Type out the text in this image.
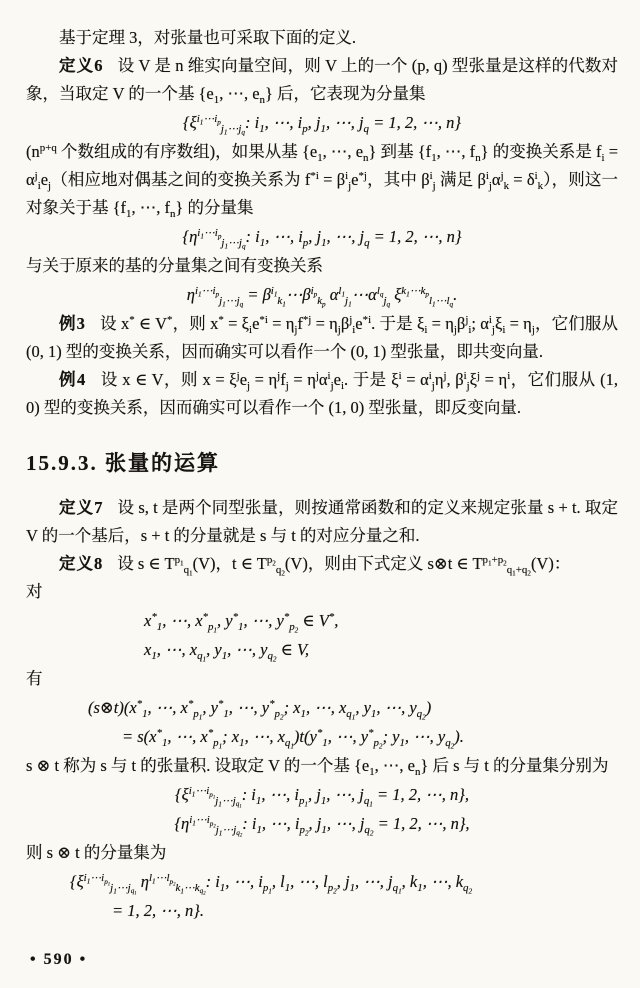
基于定理 3，对张量也可采取下面的定义.

定义6 设 V 是 n 维实向量空间，则 V 上的一个 (p, q) 型张量是这样的代数对象，当取定 V 的一个基 {$e_1$, ⋯, $e_n$} 后，它表现为分量集

{$\xi^{i_1\cdots i_p}_{j_1\cdots j_q}$: $i_1$, ⋯, $i_p$, $j_1$, ⋯, $j_q = 1$, 2, ⋯, n}

($n^{p+q}$ 个数组成的有序数组)，如果从基 {$e_1$, ⋯, $e_n$} 到基 {$f_1$, ⋯, $f_n$} 的变换关系是 $f_i = \alpha^j_ie_j$（相应地对偶基之间的变换关系为 $f^{*i} = \beta^i_je^{*j}$，其中 $\beta^i_j$ 满足 $\beta^i_j\alpha^j_k = \delta^i_k$），则这一对象关于基 {$f_1$, ⋯, $f_n$} 的分量集

{$\eta^{i_1\cdots i_p}_{j_1\cdots j_q}$: $i_1$, ⋯, $i_p$, $j_1$, ⋯, $j_q = 1$, 2, ⋯, n}

与关于原来的基的分量集之间有变换关系

$\eta^{i_1\cdots i_p}_{j_1\cdots j_q}$ = $\beta^{i_1}_{k_1}\cdots\beta^{i_p}_{k_p}$ $\alpha^{l_1}_{j_1}\cdots\alpha^{l_q}_{j_q}$ $\xi^{k_1\cdots k_p}_{l_1\cdots l_q}$.

例3 设 x* ∈ V*，则 $x^* = \xi_ie^{*i} = \eta_jf^{*j} = \eta_j\beta^j_ie^{*i}$. 于是 $\xi_i = \eta_j\beta^j_i$; $\alpha^i_j\xi_i = \eta_j$，它们服从 (0, 1) 型的变换关系，因而确实可以看作一个 (0, 1) 型张量，即共变向量.

例4 设 x ∈ V，则 $x = \xi^je_j = \eta^jf_j = \eta^j\alpha^i_je_i$. 于是 $\xi^i = \alpha^i_j\eta^j$, $\beta^i_j\xi^j = \eta^i$，它们服从 (1, 0) 型的变换关系，因而确实可以看作一个 (1, 0) 型张量，即反变向量.

15.9.3. 张量的运算

定义7 设 s, t 是两个同型张量，则按通常函数和的定义来规定张量 s + t. 取定 V 的一个基后，s + t 的分量就是 s 与 t 的对应分量之和.

定义8 设 s ∈ $T^{p_1}_{q_1}(V)$，t ∈ $T^{p_2}_{q_2}(V)$，则由下式定义 s⊗t ∈ $T^{p_1+p_2}_{q_1+q_2}(V)$：

对

$x^*_1$, ⋯, $x^*_{p_1}$, $y^*_1$, ⋯, $y^*_{p_2}$ ∈ V*,

$x_1$, ⋯, $x_{q_1}$, $y_1$, ⋯, $y_{q_2}$ ∈ V,

有

$(s\otimes t)(x^*_1$, ⋯, $x^*_{p_1}$, $y^*_1$, ⋯, $y^*_{p_2}$; $x_1$, ⋯, $x_{q_1}$, $y_1$, ⋯, $y_{q_2}$)

= $s(x^*_1$, ⋯, $x^*_{p_1}$; $x_1$, ⋯, $x_{q_1})t(y^*_1$, ⋯, $y^*_{p_2}$; $y_1$, ⋯, $y_{q_2}$).

s ⊗ t 称为 s 与 t 的张量积. 设取定 V 的一个基 {$e_1$, ⋯, $e_n$} 后 s 与 t 的分量集分别为

{$\xi^{i_1\cdots i_{p_1}}_{j_1\cdots j_{q_1}}$: $i_1$, ⋯, $i_{p_1}$, $j_1$, ⋯, $j_{q_1} = 1$, 2, ⋯, n},

{$\eta^{i_1\cdots i_{p_2}}_{j_1\cdots j_{q_2}}$: $i_1$, ⋯, $i_{p_2}$, $j_1$, ⋯, $j_{q_2} = 1$, 2, ⋯, n},

则 s ⊗ t 的分量集为

{$\xi^{i_1\cdots i_{p_1}}_{j_1\cdots j_{q_1}}$ $\eta^{l_1\cdots l_{p_2}}_{k_1\cdots k_{q_2}}$: $i_1$, ⋯, $i_{p_1}$, $l_1$, ⋯, $l_{p_2}$, $j_1$, ⋯, $j_{q_1}$, $k_1$, ⋯, $k_{q_2}$

= 1, 2, ⋯, n}.

• 590 •
